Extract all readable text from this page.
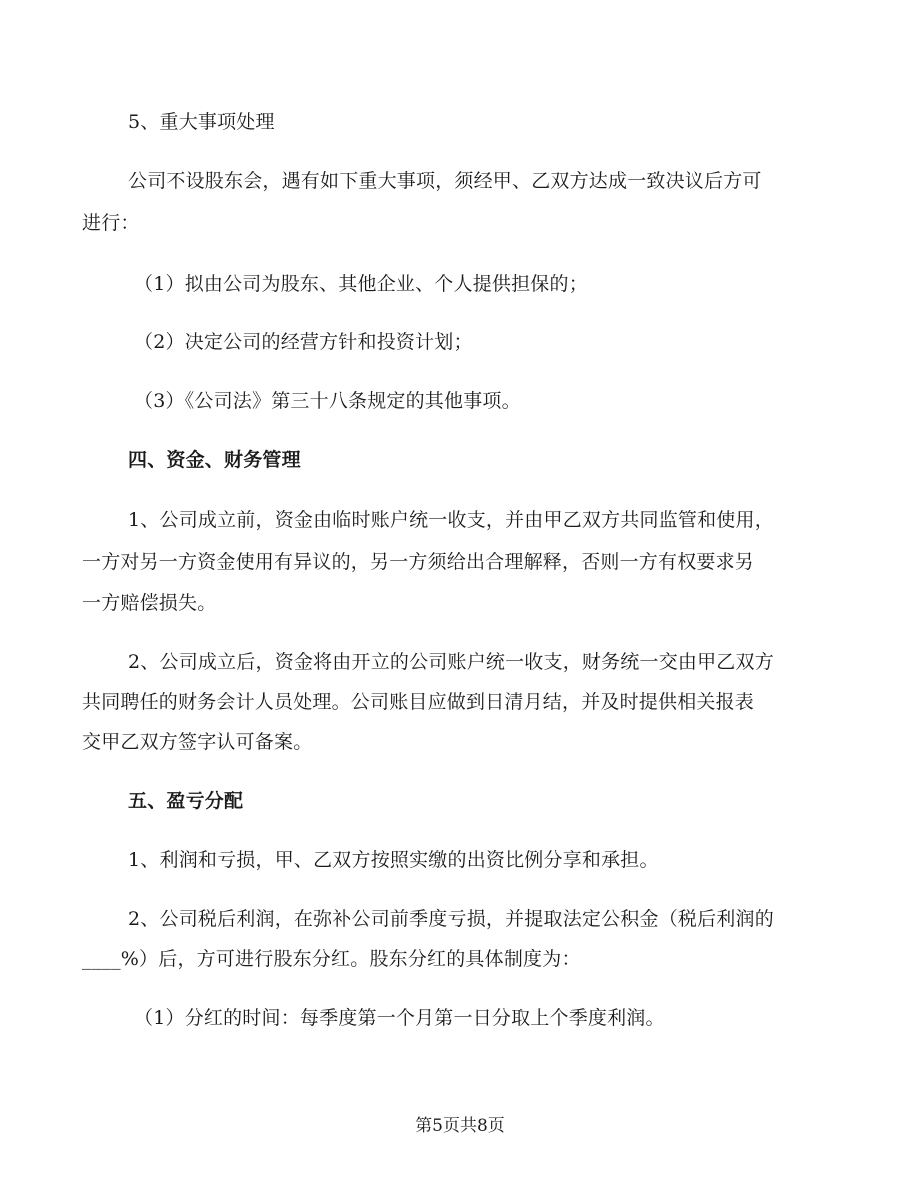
5、重大事项处理
公司不设股东会，遇有如下重大事项，须经甲、乙双方达成一致决议后方可
进行：
（1）拟由公司为股东、其他企业、个人提供担保的；
（2）决定公司的经营方针和投资计划；
（3）《公司法》第三十八条规定的其他事项。
四、资金、财务管理
1、公司成立前，资金由临时账户统一收支，并由甲乙双方共同监管和使用，
一方对另一方资金使用有异议的，另一方须给出合理解释，否则一方有权要求另
一方赔偿损失。
2、公司成立后，资金将由开立的公司账户统一收支，财务统一交由甲乙双方
共同聘任的财务会计人员处理。公司账目应做到日清月结，并及时提供相关报表
交甲乙双方签字认可备案。
五、盈亏分配
1、利润和亏损，甲、乙双方按照实缴的出资比例分享和承担。
2、公司税后利润，在弥补公司前季度亏损，并提取法定公积金（税后利润的
____%）后，方可进行股东分红。股东分红的具体制度为：
（1）分红的时间：每季度第一个月第一日分取上个季度利润。
第5页共8页
